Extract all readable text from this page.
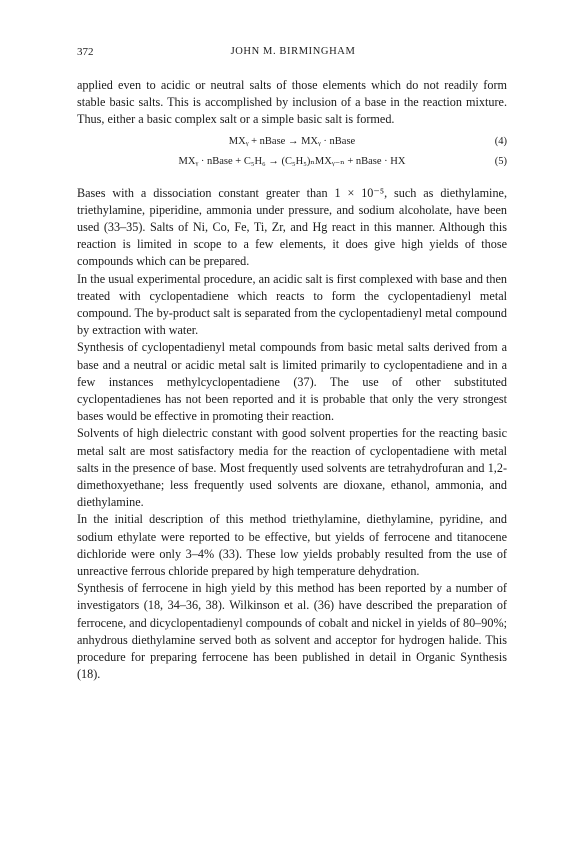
372	JOHN M. BIRMINGHAM

applied even to acidic or neutral salts of those elements which do not readily form stable basic salts. This is accomplished by inclusion of a base in the reaction mixture. Thus, either a basic complex salt or a simple basic salt is formed.

MXᵧ + nBase → MXᵧ · nBase	(4)
MXᵧ · nBase + C₅H₆ → (C₅H₅)ₙMXᵧ₋ₙ + nBase · HX	(5)

Bases with a dissociation constant greater than 1 × 10⁻⁵, such as diethylamine, triethylamine, piperidine, ammonia under pressure, and sodium alcoholate, have been used (33–35). Salts of Ni, Co, Fe, Ti, Zr, and Hg react in this manner. Although this reaction is limited in scope to a few elements, it does give high yields of those compounds which can be prepared.

In the usual experimental procedure, an acidic salt is first complexed with base and then treated with cyclopentadiene which reacts to form the cyclopentadienyl metal compound. The by-product salt is separated from the cyclopentadienyl metal compound by extraction with water.

Synthesis of cyclopentadienyl metal compounds from basic metal salts derived from a base and a neutral or acidic metal salt is limited primarily to cyclopentadiene and in a few instances methylcyclopentadiene (37). The use of other substituted cyclopentadienes has not been reported and it is probable that only the very strongest bases would be effective in promoting their reaction.

Solvents of high dielectric constant with good solvent properties for the reacting basic metal salt are most satisfactory media for the reaction of cyclopentadiene with metal salts in the presence of base. Most frequently used solvents are tetrahydrofuran and 1,2-dimethoxyethane; less frequently used solvents are dioxane, ethanol, ammonia, and diethylamine.

In the initial description of this method triethylamine, diethylamine, pyridine, and sodium ethylate were reported to be effective, but yields of ferrocene and titanocene dichloride were only 3–4% (33). These low yields probably resulted from the use of unreactive ferrous chloride prepared by high temperature dehydration.

Synthesis of ferrocene in high yield by this method has been reported by a number of investigators (18, 34–36, 38). Wilkinson et al. (36) have described the preparation of ferrocene, and dicyclopentadienyl compounds of cobalt and nickel in yields of 80–90%; anhydrous diethylamine served both as solvent and acceptor for hydrogen halide. This procedure for preparing ferrocene has been published in detail in Organic Synthesis (18).
